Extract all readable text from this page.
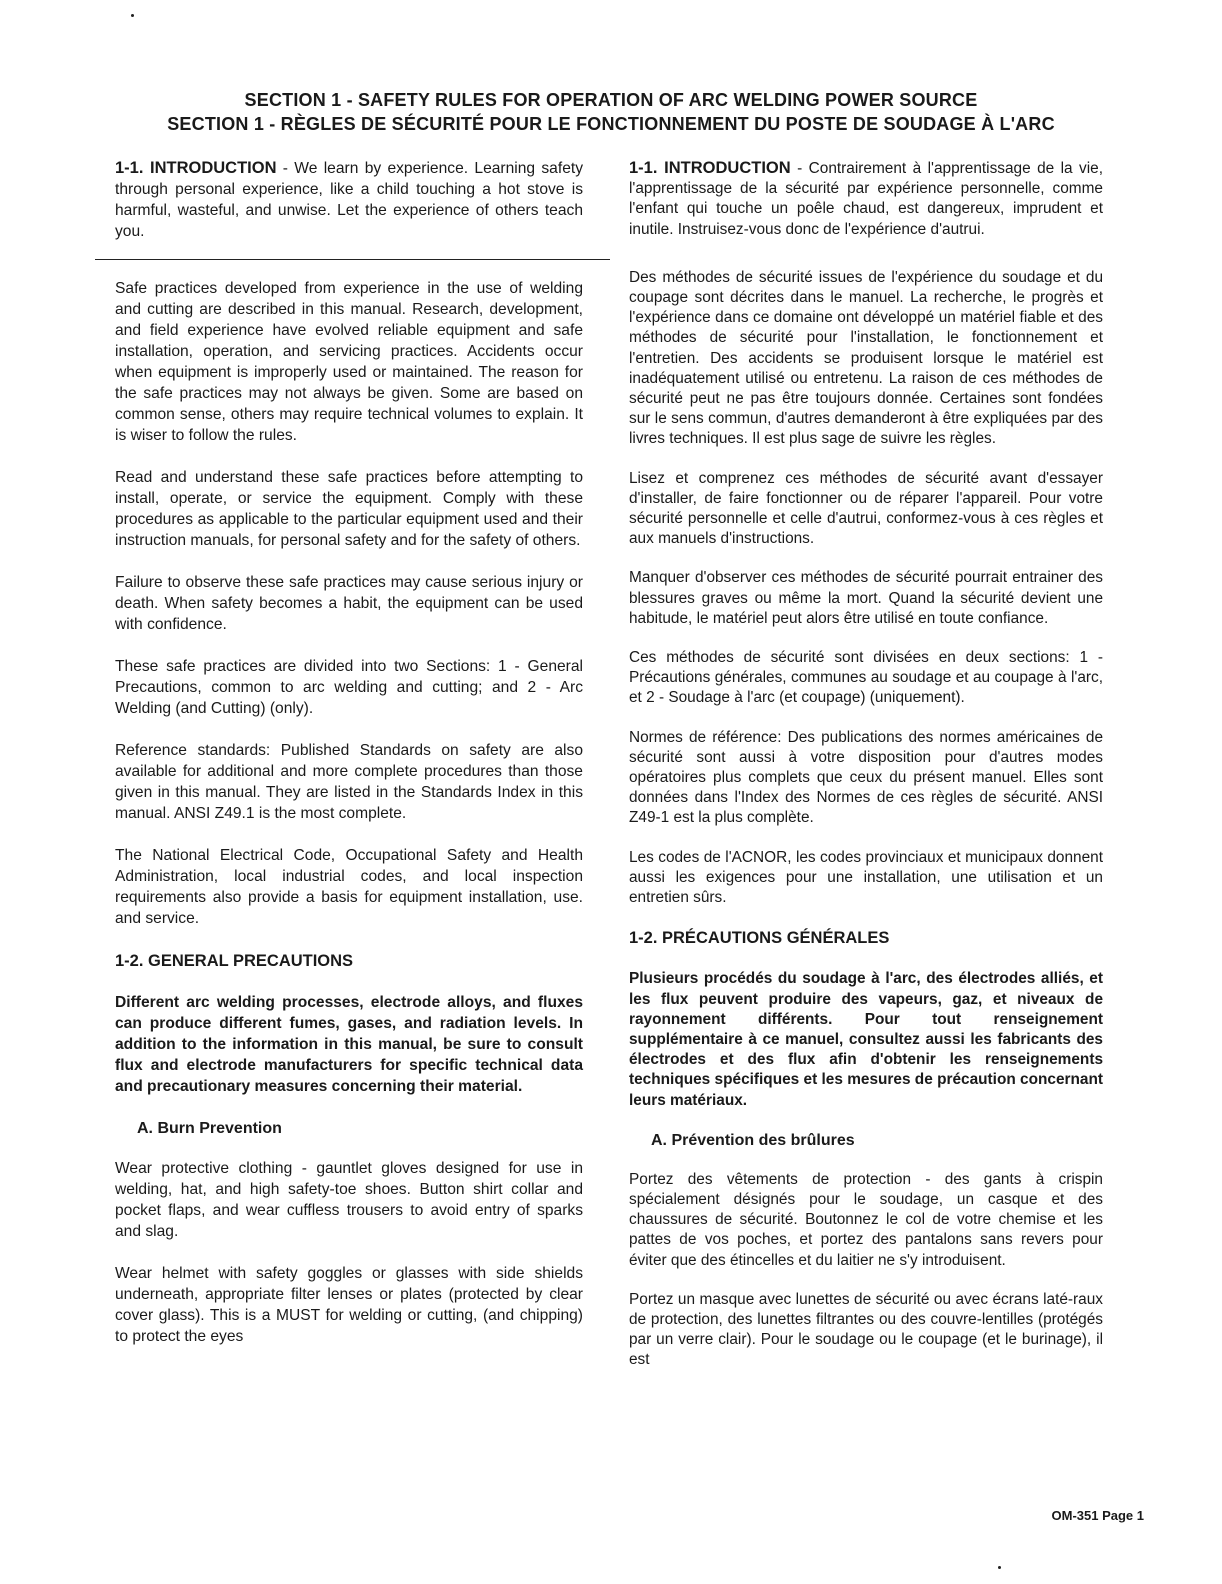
SECTION 1 - SAFETY RULES FOR OPERATION OF ARC WELDING POWER SOURCE
SECTION 1 - RÈGLES DE SÉCURITÉ POUR LE FONCTIONNEMENT DU POSTE DE SOUDAGE À L'ARC

1-1. INTRODUCTION - We learn by experience. Learning safety through personal experience, like a child touching a hot stove is harmful, wasteful, and unwise. Let the experience of others teach you.

Safe practices developed from experience in the use of welding and cutting are described in this manual. Research, development, and field experience have evolved reliable equipment and safe installation, operation, and servicing practices. Accidents occur when equipment is improperly used or maintained. The reason for the safe practices may not always be given. Some are based on common sense, others may require technical volumes to explain. It is wiser to follow the rules.

Read and understand these safe practices before attempting to install, operate, or service the equipment. Comply with these procedures as applicable to the particular equipment used and their instruction manuals, for personal safety and for the safety of others.

Failure to observe these safe practices may cause serious injury or death. When safety becomes a habit, the equipment can be used with confidence.

These safe practices are divided into two Sections: 1 - General Precautions, common to arc welding and cutting; and 2 - Arc Welding (and Cutting) (only).

Reference standards: Published Standards on safety are also available for additional and more complete procedures than those given in this manual. They are listed in the Standards Index in this manual. ANSI Z49.1 is the most complete.

The National Electrical Code, Occupational Safety and Health Administration, local industrial codes, and local inspection requirements also provide a basis for equipment installation, use. and service.

1-2. GENERAL PRECAUTIONS

Different arc welding processes, electrode alloys, and fluxes can produce different fumes, gases, and radiation levels. In addition to the information in this manual, be sure to consult flux and electrode manufacturers for specific technical data and precautionary measures concerning their material.

A. Burn Prevention

Wear protective clothing - gauntlet gloves designed for use in welding, hat, and high safety-toe shoes. Button shirt collar and pocket flaps, and wear cuffless trousers to avoid entry of sparks and slag.

Wear helmet with safety goggles or glasses with side shields underneath, appropriate filter lenses or plates (protected by clear cover glass). This is a MUST for welding or cutting, (and chipping) to protect the eyes

1-1. INTRODUCTION - Contrairement à l'apprentissage de la vie, l'apprentissage de la sécurité par expérience personnelle, comme l'enfant qui touche un poêle chaud, est dangereux, imprudent et inutile. Instruisez-vous donc de l'expérience d'autrui.

Des méthodes de sécurité issues de l'expérience du soudage et du coupage sont décrites dans le manuel. La recherche, le progrès et l'expérience dans ce domaine ont développé un matériel fiable et des méthodes de sécurité pour l'installation, le fonctionnement et l'entretien. Des accidents se produisent lorsque le matériel est inadéquatement utilisé ou entretenu. La raison de ces méthodes de sécurité peut ne pas être toujours donnée. Certaines sont fondées sur le sens commun, d'autres demanderont à être expliquées par des livres techniques. Il est plus sage de suivre les règles.

Lisez et comprenez ces méthodes de sécurité avant d'essayer d'installer, de faire fonctionner ou de réparer l'appareil. Pour votre sécurité personnelle et celle d'autrui, conformez-vous à ces règles et aux manuels d'instructions.

Manquer d'observer ces méthodes de sécurité pourrait entrainer des blessures graves ou même la mort. Quand la sécurité devient une habitude, le matériel peut alors être utilisé en toute confiance.

Ces méthodes de sécurité sont divisées en deux sections: 1 - Précautions générales, communes au soudage et au coupage à l'arc, et 2 - Soudage à l'arc (et coupage) (uniquement).

Normes de référence: Des publications des normes américaines de sécurité sont aussi à votre disposition pour d'autres modes opératoires plus complets que ceux du présent manuel. Elles sont données dans l'Index des Normes de ces règles de sécurité. ANSI Z49-1 est la plus complète.

Les codes de l'ACNOR, les codes provinciaux et municipaux donnent aussi les exigences pour une installation, une utilisation et un entretien sûrs.

1-2. PRÉCAUTIONS GÉNÉRALES

Plusieurs procédés du soudage à l'arc, des électrodes alliés, et les flux peuvent produire des vapeurs, gaz, et niveaux de rayonnement différents. Pour tout renseignement supplémentaire à ce manuel, consultez aussi les fabricants des électrodes et des flux afin d'obtenir les renseignements techniques spécifiques et les mesures de précaution concernant leurs matériaux.

A. Prévention des brûlures

Portez des vêtements de protection - des gants à crispin spécialement désignés pour le soudage, un casque et des chaussures de sécurité. Boutonnez le col de votre chemise et les pattes de vos poches, et portez des pantalons sans revers pour éviter que des étincelles et du laitier ne s'y introduisent.

Portez un masque avec lunettes de sécurité ou avec écrans laté-raux de protection, des lunettes filtrantes ou des couvre-lentilles (protégés par un verre clair). Pour le soudage ou le coupage (et le burinage), il est

OM-351 Page 1
